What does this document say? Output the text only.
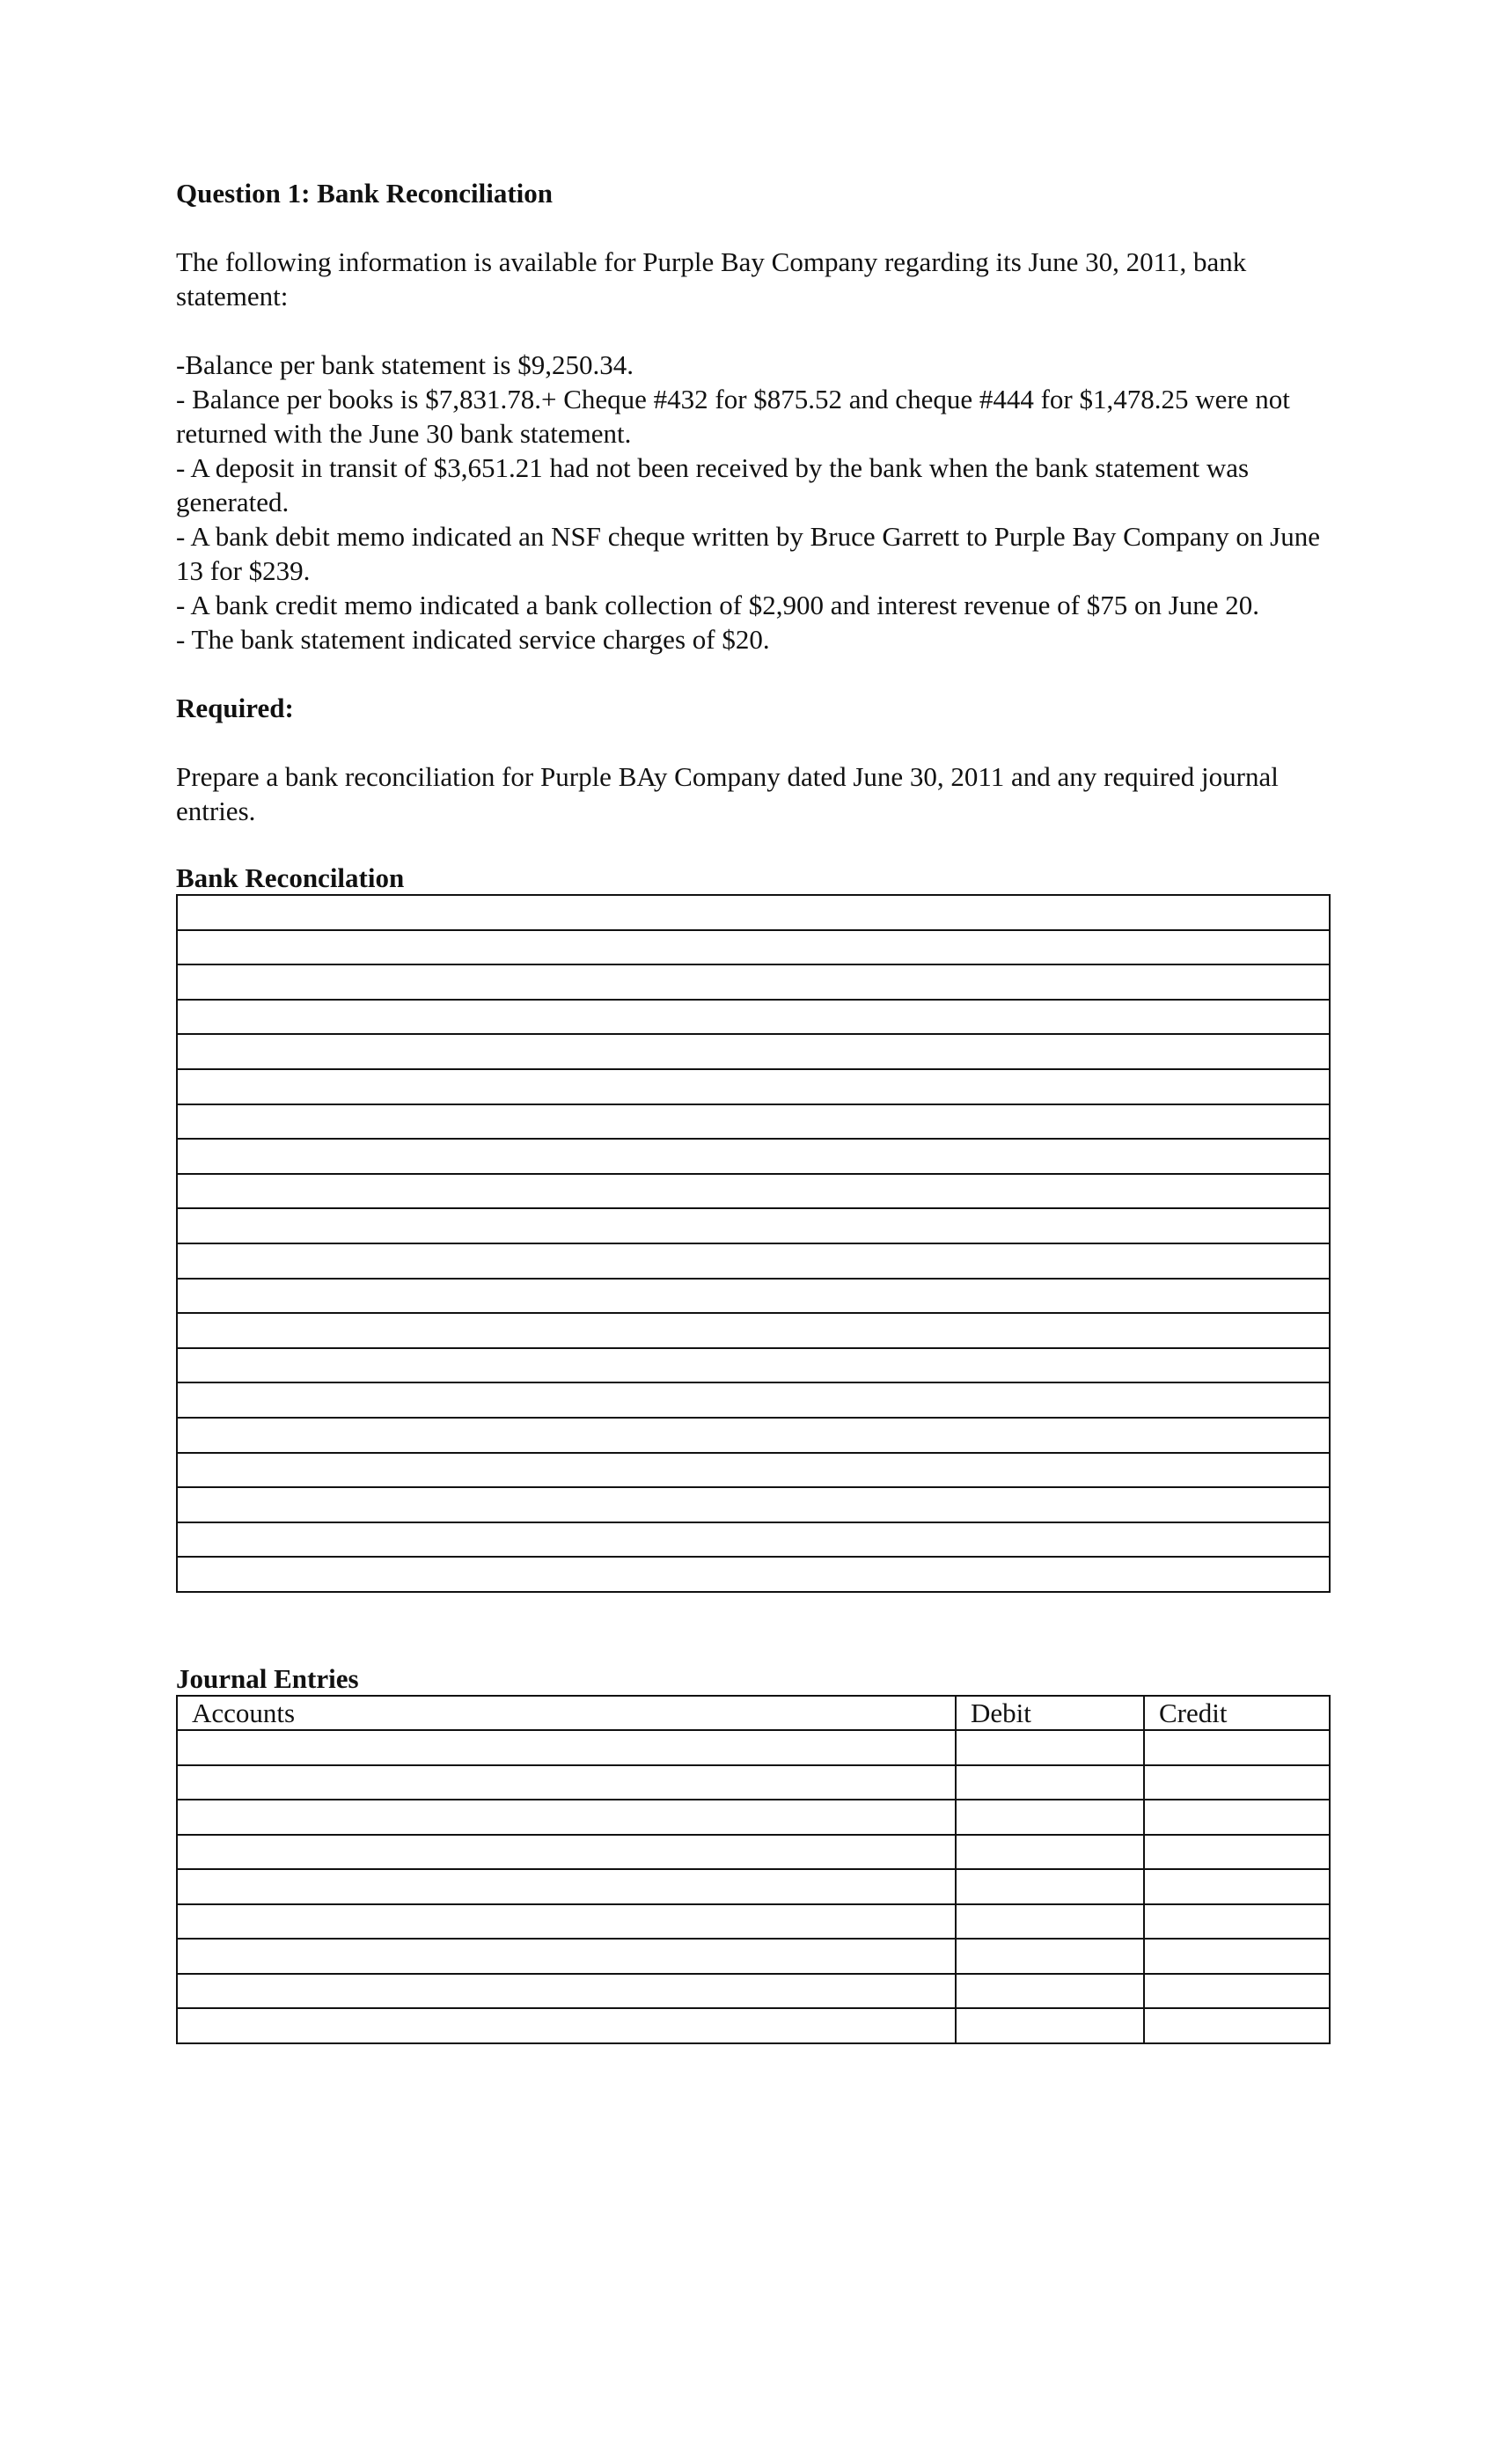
Question 1: Bank Reconciliation

The following information is available for Purple Bay Company regarding its June 30, 2011, bank statement:

-Balance per bank statement is $9,250.34.

- Balance per books is $7,831.78.+ Cheque #432 for $875.52 and cheque #444 for $1,478.25 were not returned with the June 30 bank statement.

- A deposit in transit of $3,651.21 had not been received by the bank when the bank statement was generated.

- A bank debit memo indicated an NSF cheque written by Bruce Garrett to Purple Bay Company on June 13 for $239.

- A bank credit memo indicated a bank collection of $2,900 and interest revenue of $75 on June 20.

- The bank statement indicated service charges of $20.

Required:

Prepare a bank reconciliation for Purple BAy Company dated June 30, 2011 and any required journal entries.

Bank Reconcilation

Journal Entries

Accounts	Debit	Credit
